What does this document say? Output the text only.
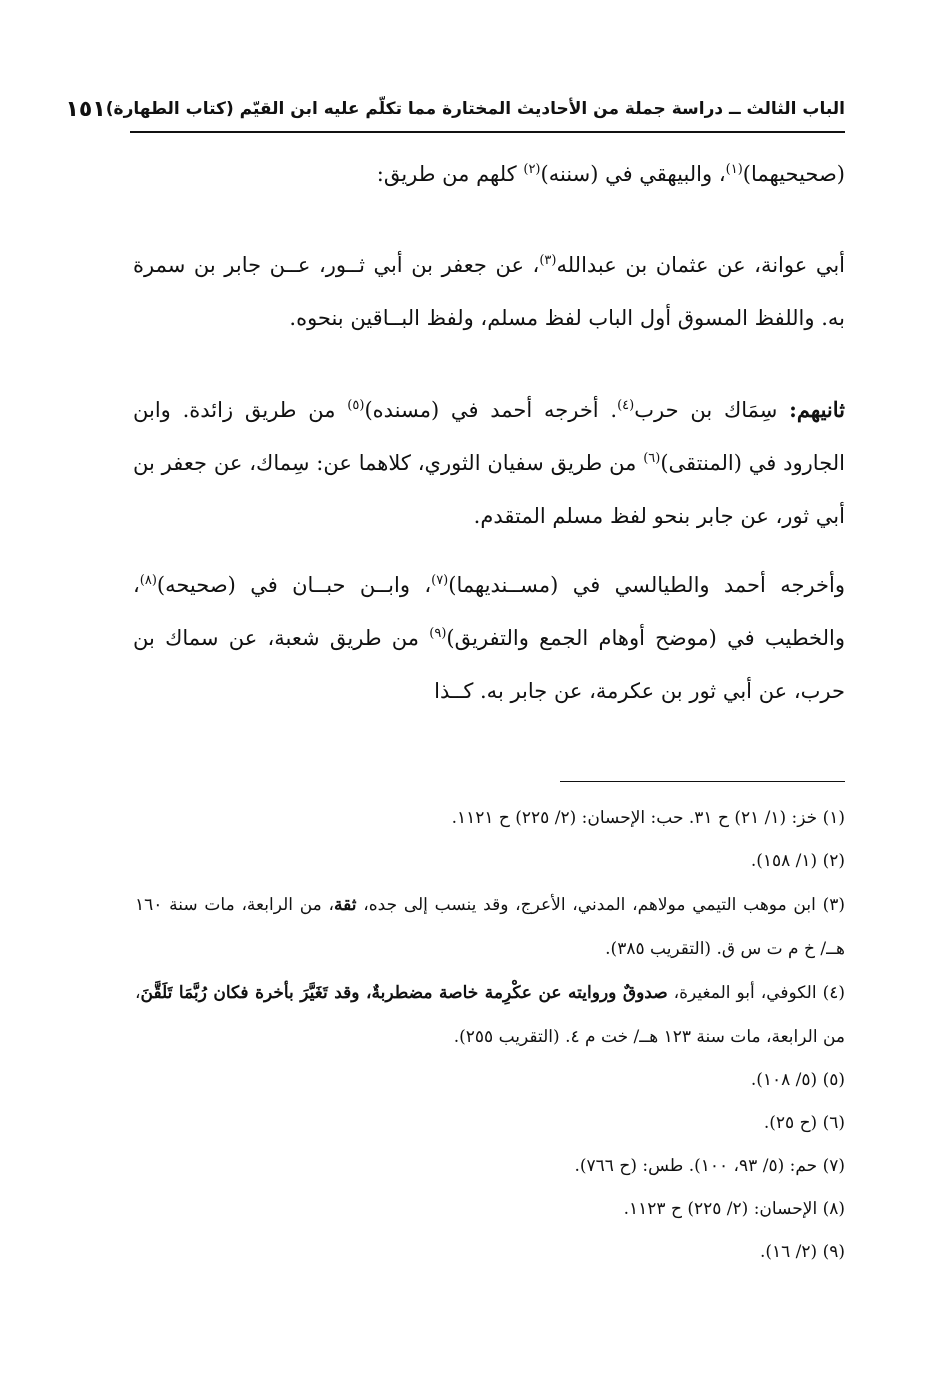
الباب الثالث ــ دراسة جملة من الأحاديث المختارة مما تكلّم عليه ابن القيّم (كتاب الطهارة)
١٥١

(صحيحيهما)$^{(١)}$، والبيهقي في (سننه)$^{(٢)}$ كلهم من طريق:

أبي عوانة، عن عثمان بن عبدالله$^{(٣)}$، عن جعفر بن أبي ثــور، عــن جابر بن سمرة به. واللفظ المسوق أول الباب لفظ مسلم، ولفظ البــاقين بنحوه.

ثانيهم: سِمَاك بن حرب$^{(٤)}$. أخرجه أحمد في (مسنده)$^{(٥)}$ من طريق زائدة. وابن الجارود في (المنتقى)$^{(٦)}$ من طريق سفيان الثوري، كلاهما عن: سِماك، عن جعفر بن أبي ثور، عن جابر بنحو لفظ مسلم المتقدم.

وأخرجه أحمد والطيالسي في (مســنديهما)$^{(٧)}$، وابــن حبــان في (صحيحه)$^{(٨)}$، والخطيب في (موضح أوهام الجمع والتفريق)$^{(٩)}$ من طريق شعبة، عن سماك بن حرب، عن أبي ثور بن عكرمة، عن جابر به. كــذا

(١) خز: (١/ ٢١) ح ٣١. حب: الإحسان: (٢/ ٢٢٥) ح ١١٢١.

(٢) (١/ ١٥٨).

(٣) ابن موهب التيمي مولاهم، المدني، الأعرج، وقد ينسب إلى جده، ثقة، من الرابعة، مات سنة ١٦٠ هــ/ خ م ت س ق. (التقريب ٣٨٥).

(٤) الكوفي، أبو المغيرة، صدوقٌ وروايته عن عكْرِمة خاصة مضطربةٌ، وقد تَغَيَّرَ بأخرة فكان رُبَّمَا تَلَقَّنَ، من الرابعة، مات سنة ١٢٣ هــ/ خت م ٤. (التقريب ٢٥٥).

(٥) (٥/ ١٠٨).

(٦) (ح ٢٥).

(٧) حم: (٥/ ٩٣، ١٠٠). طس: (ح ٧٦٦).

(٨) الإحسان: (٢/ ٢٢٥) ح ١١٢٣.

(٩) (٢/ ١٦).
